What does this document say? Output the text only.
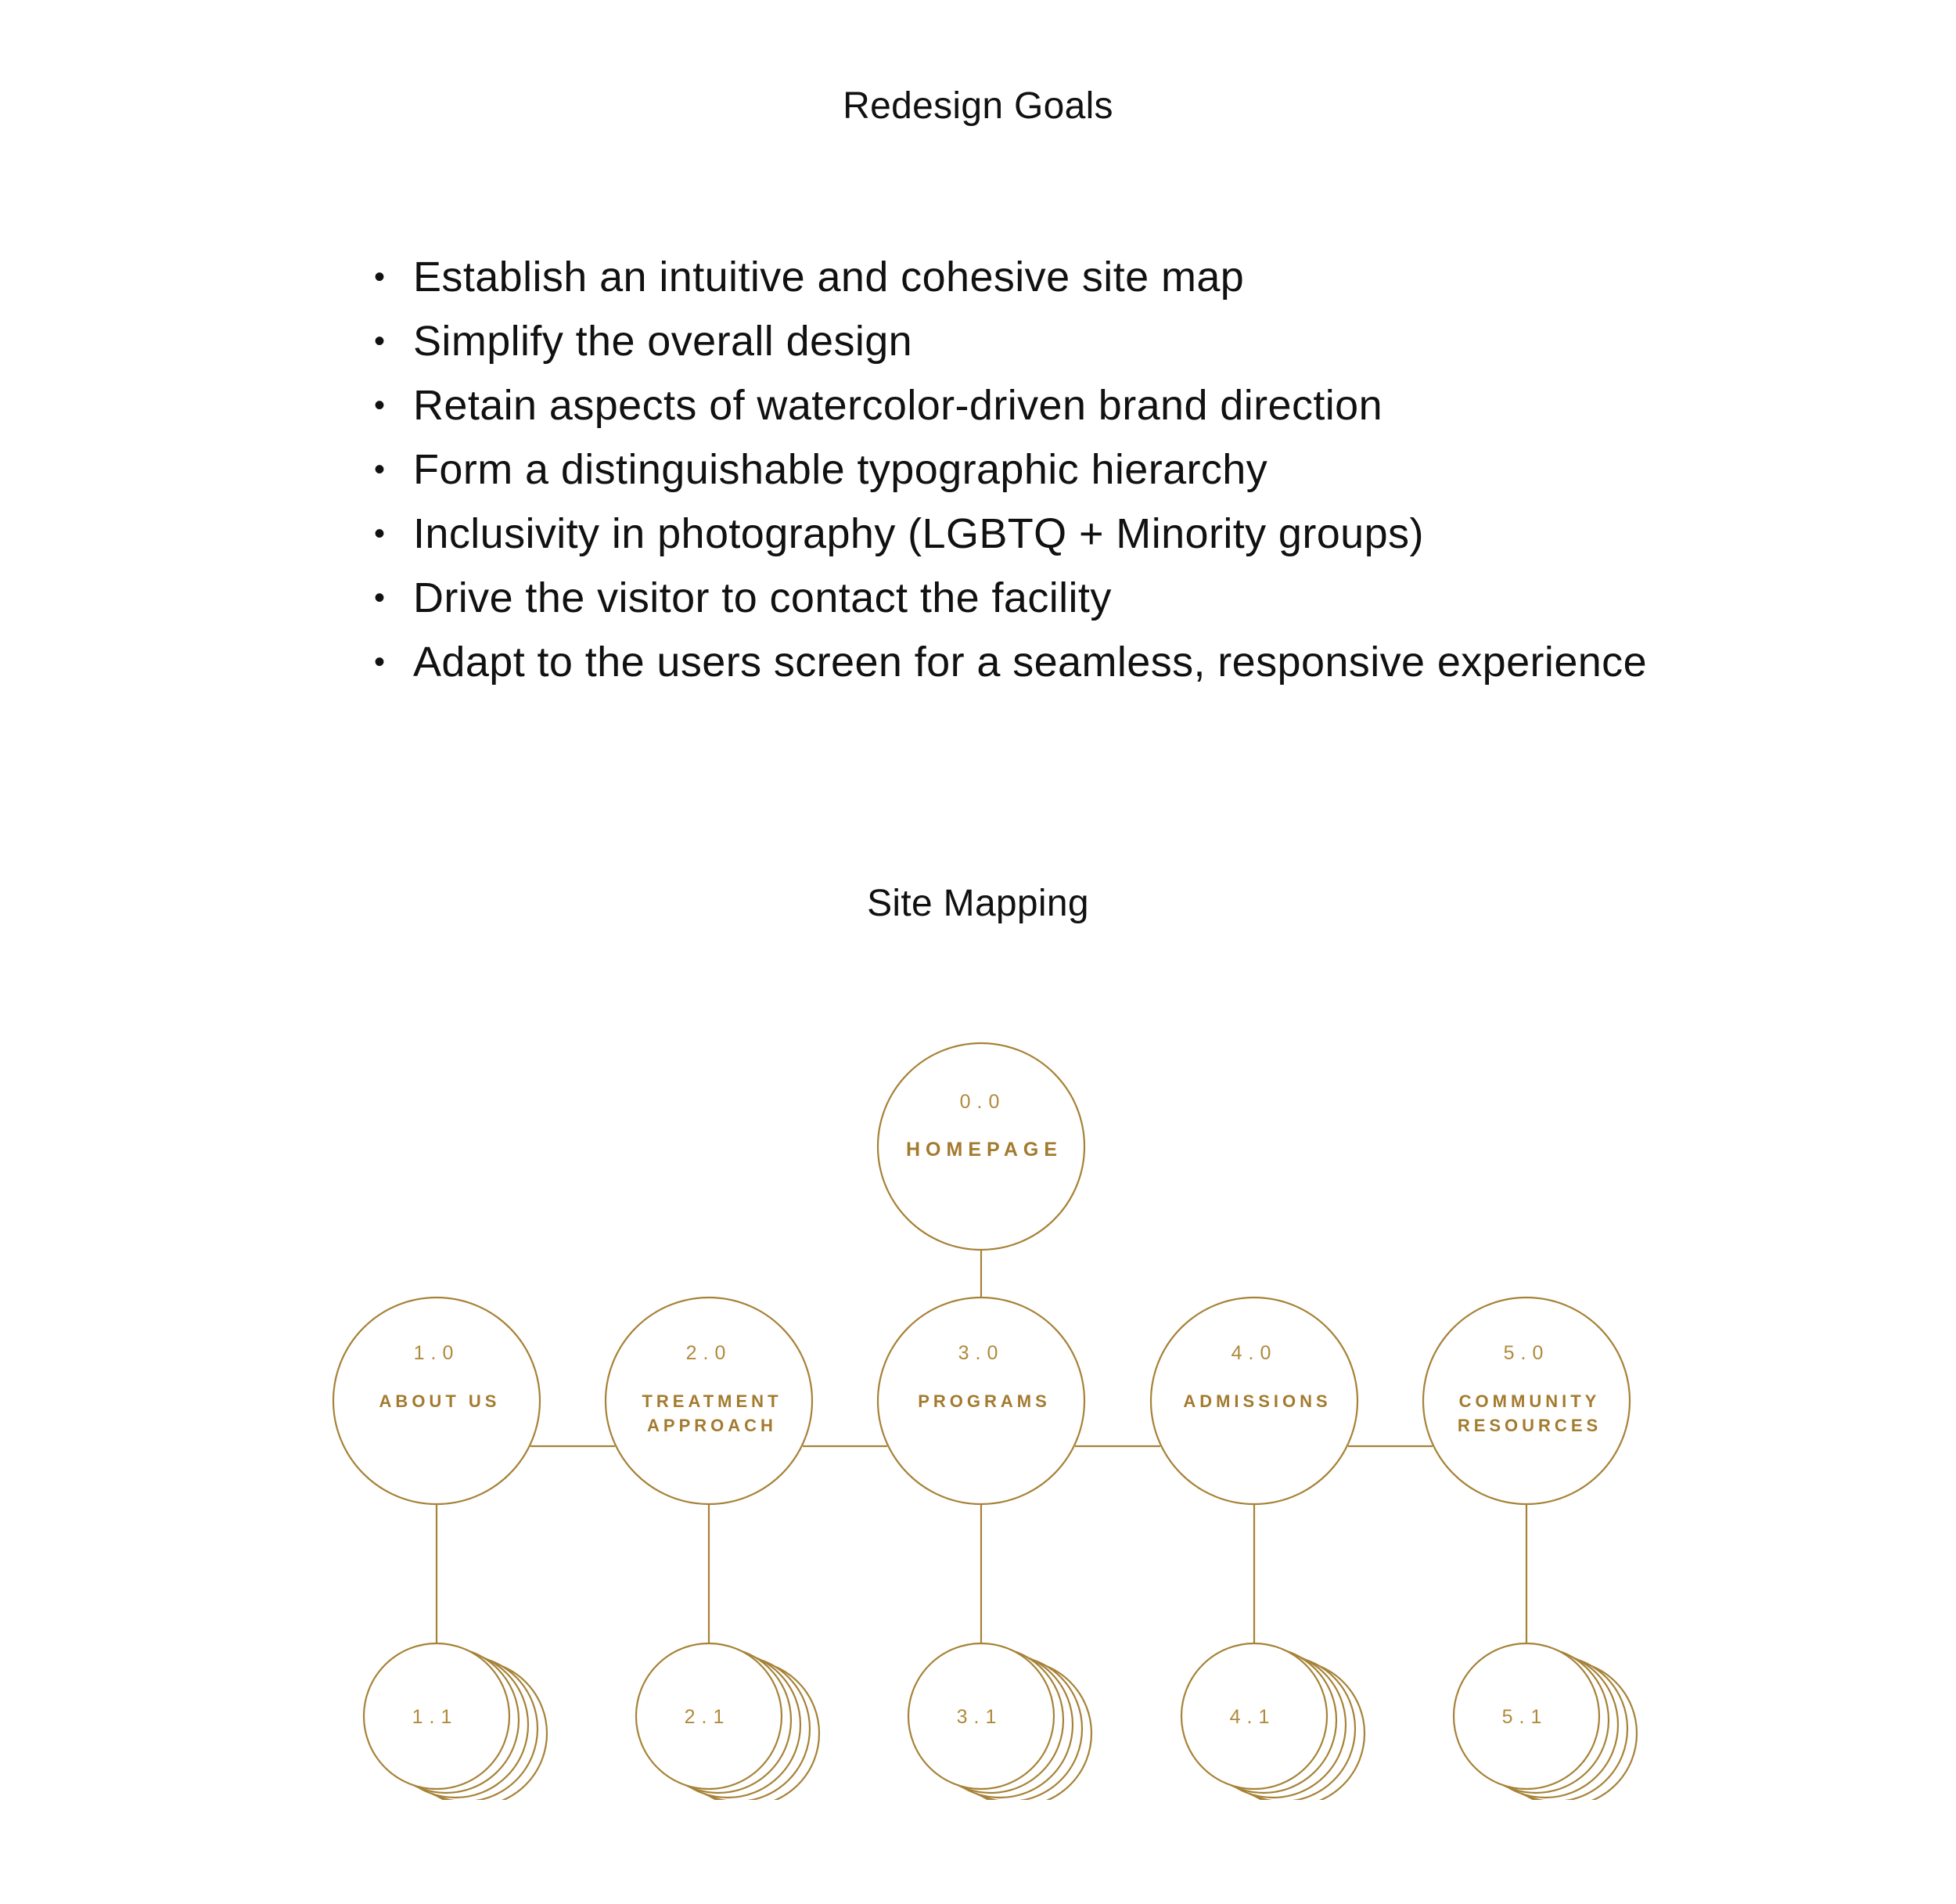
Redesign Goals
• Establish an intuitive and cohesive site map
• Simplify the overall design
• Retain aspects of watercolor-driven brand direction
• Form a distinguishable typographic hierarchy
• Inclusivity in photography (LGBTQ + Minority groups)
• Drive the visitor to contact the facility
• Adapt to the users screen for a seamless, responsive experience
Site Mapping
0.0
HOMEPAGE
1.0
ABOUT US
1.1
2.0
TREATMENT
APPROACH
2.1
3.0
PROGRAMS
3.1
4.0
ADMISSIONS
4.1
5.0
COMMUNITY
RESOURCES
5.1
